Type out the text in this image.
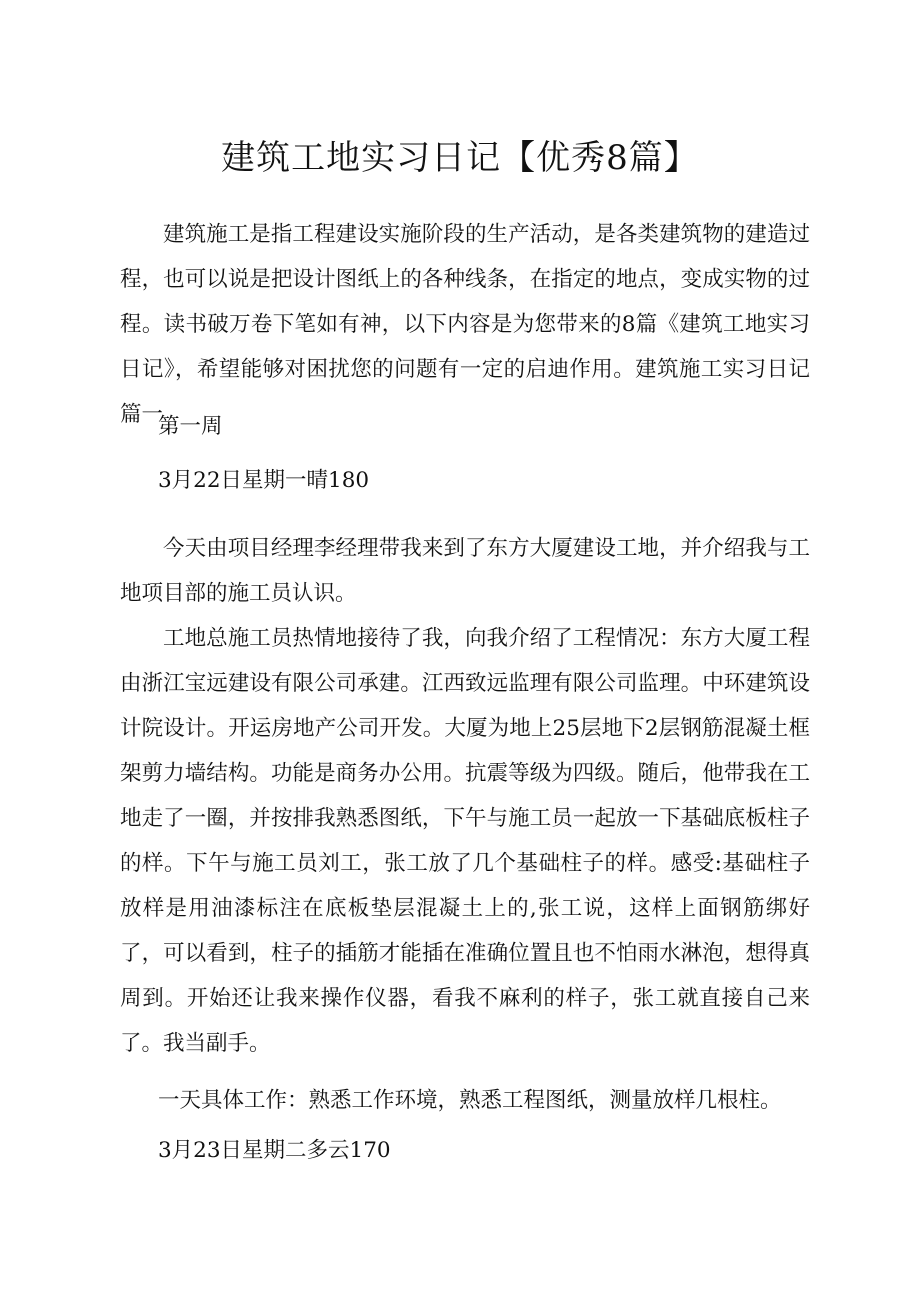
建筑工地实习日记【优秀8篇】

建筑施工是指工程建设实施阶段的生产活动，是各类建筑物的建造过程，也可以说是把设计图纸上的各种线条，在指定的地点，变成实物的过程。读书破万卷下笔如有神，以下内容是为您带来的8篇《建筑工地实习日记》，希望能够对困扰您的问题有一定的启迪作用。建筑施工实习日记篇一

第一周

3月22日星期一晴180

今天由项目经理李经理带我来到了东方大厦建设工地，并介绍我与工地项目部的施工员认识。

工地总施工员热情地接待了我，向我介绍了工程情况：东方大厦工程由浙江宝远建设有限公司承建。江西致远监理有限公司监理。中环建筑设计院设计。开运房地产公司开发。大厦为地上25层地下2层钢筋混凝土框架剪力墙结构。功能是商务办公用。抗震等级为四级。随后，他带我在工地走了一圈，并按排我熟悉图纸，下午与施工员一起放一下基础底板柱子的样。下午与施工员刘工，张工放了几个基础柱子的样。感受:基础柱子放样是用油漆标注在底板垫层混凝土上的,张工说，这样上面钢筋绑好了，可以看到，柱子的插筋才能插在准确位置且也不怕雨水淋泡，想得真周到。开始还让我来操作仪器，看我不麻利的样子，张工就直接自己来了。我当副手。

一天具体工作：熟悉工作环境，熟悉工程图纸，测量放样几根柱。

3月23日星期二多云170
